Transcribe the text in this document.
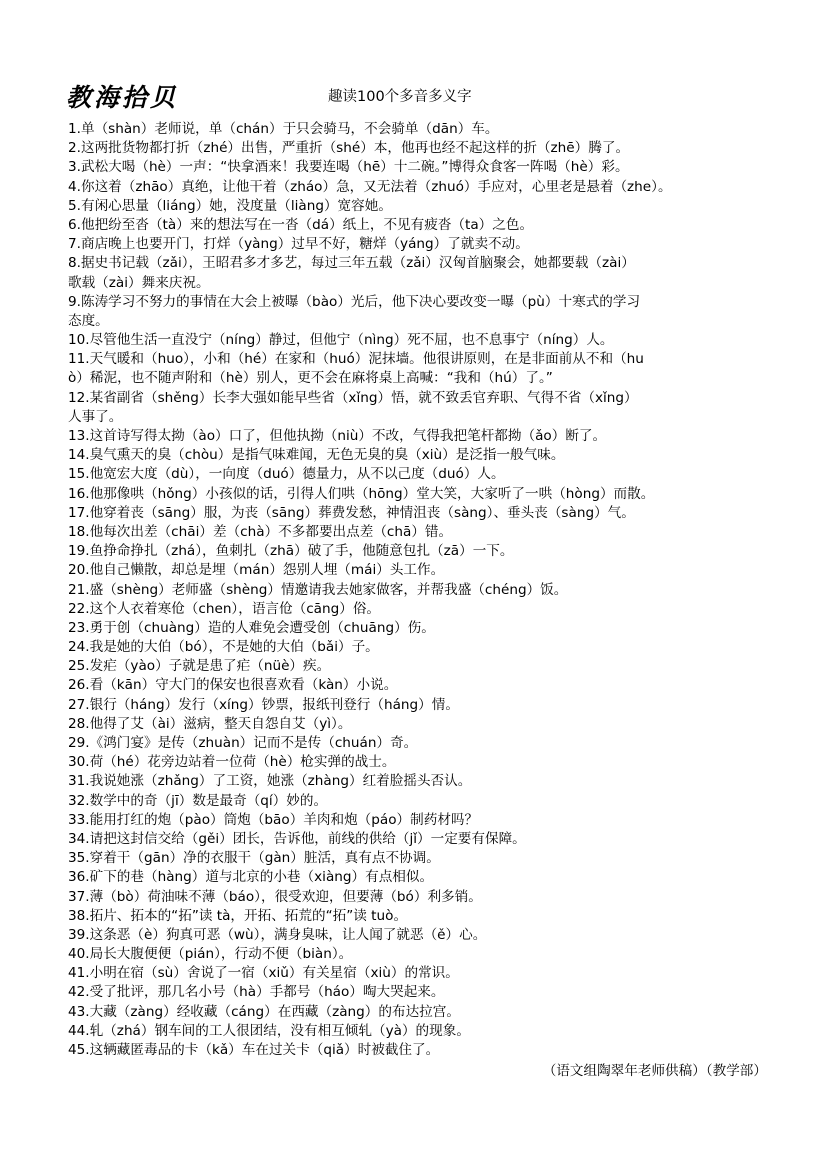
教海拾贝	趣读100个多音多义字
1.单（shàn）老师说，单（chán）于只会骑马，不会骑单（dān）车。
2.这两批货物都打折（zhé）出售，严重折（shé）本，他再也经不起这样的折（zhē）腾了。
3.武松大喝（hè）一声：“快拿酒来！我要连喝（hē）十二碗。”博得众食客一阵喝（hè）彩。
4.你这着（zhāo）真绝，让他干着（zháo）急，又无法着（zhuó）手应对，心里老是悬着（zhe）。
5.有闲心思量（liáng）她，没度量（liàng）宽容她。
6.他把纷至沓（tà）来的想法写在一沓（dá）纸上，不见有疲沓（ta）之色。
7.商店晚上也要开门，打烊（yàng）过早不好，糖烊（yáng）了就卖不动。
8.据史书记载（zǎi），王昭君多才多艺，每过三年五载（zǎi）汉匈首脑聚会，她都要载（zài）
歌载（zài）舞来庆祝。
9.陈涛学习不努力的事情在大会上被曝（bào）光后，他下决心要改变一曝（pù）十寒式的学习
态度。
10.尽管他生活一直没宁（níng）静过，但他宁（nìng）死不屈，也不息事宁（níng）人。
11.天气暖和（huo），小和（hé）在家和（huó）泥抹墙。他很讲原则，在是非面前从不和（hu
ò）稀泥，也不随声附和（hè）别人，更不会在麻将桌上高喊：“我和（hú）了。”
12.某省副省（shěng）长李大强如能早些省（xǐng）悟，就不致丢官弃职、气得不省（xǐng）
人事了。
13.这首诗写得太拗（ào）口了，但他执拗（niù）不改，气得我把笔杆都拗（ǎo）断了。
14.臭气熏天的臭（chòu）是指气味难闻，无色无臭的臭（xiù）是泛指一般气味。
15.他宽宏大度（dù），一向度（duó）德量力，从不以己度（duó）人。
16.他那像哄（hǒng）小孩似的话，引得人们哄（hōng）堂大笑，大家听了一哄（hòng）而散。
17.他穿着丧（sāng）服，为丧（sāng）葬费发愁，神情沮丧（sàng）、垂头丧（sàng）气。
18.他每次出差（chāi）差（chà）不多都要出点差（chā）错。
19.鱼挣命挣扎（zhá），鱼刺扎（zhā）破了手，他随意包扎（zā）一下。
20.他自己懒散，却总是埋（mán）怨别人埋（mái）头工作。
21.盛（shèng）老师盛（shèng）情邀请我去她家做客，并帮我盛（chéng）饭。
22.这个人衣着寒伧（chen），语言伧（cāng）俗。
23.勇于创（chuàng）造的人难免会遭受创（chuāng）伤。
24.我是她的大伯（bó），不是她的大伯（bǎi）子。
25.发疟（yào）子就是患了疟（nüè）疾。
26.看（kān）守大门的保安也很喜欢看（kàn）小说。
27.银行（háng）发行（xíng）钞票，报纸刊登行（háng）情。
28.他得了艾（ài）滋病，整天自怨自艾（yì）。
29.《鸿门宴》是传（zhuàn）记而不是传（chuán）奇。
30.荷（hé）花旁边站着一位荷（hè）枪实弹的战士。
31.我说她涨（zhǎng）了工资，她涨（zhàng）红着脸摇头否认。
32.数学中的奇（jī）数是最奇（qí）妙的。
33.能用打红的炮（pào）筒炮（bāo）羊肉和炮（páo）制药材吗？
34.请把这封信交给（gěi）团长，告诉他，前线的供给（jǐ）一定要有保障。
35.穿着干（gān）净的衣服干（gàn）脏活，真有点不协调。
36.矿下的巷（hàng）道与北京的小巷（xiàng）有点相似。
37.薄（bò）荷油味不薄（báo），很受欢迎，但要薄（bó）利多销。
38.拓片、拓本的“拓”读 tà，开拓、拓荒的“拓”读 tuò。
39.这条恶（è）狗真可恶（wù），满身臭味，让人闻了就恶（ě）心。
40.局长大腹便便（pián），行动不便（biàn）。
41.小明在宿（sù）舍说了一宿（xiǔ）有关星宿（xiù）的常识。
42.受了批评，那几名小号（hà）手都号（háo）啕大哭起来。
43.大藏（zàng）经收藏（cáng）在西藏（zàng）的布达拉宫。
44.轧（zhá）钢车间的工人很团结，没有相互倾轧（yà）的现象。
45.这辆藏匿毒品的卡（kǎ）车在过关卡（qiǎ）时被截住了。
（语文组陶翠年老师供稿）（教学部）
